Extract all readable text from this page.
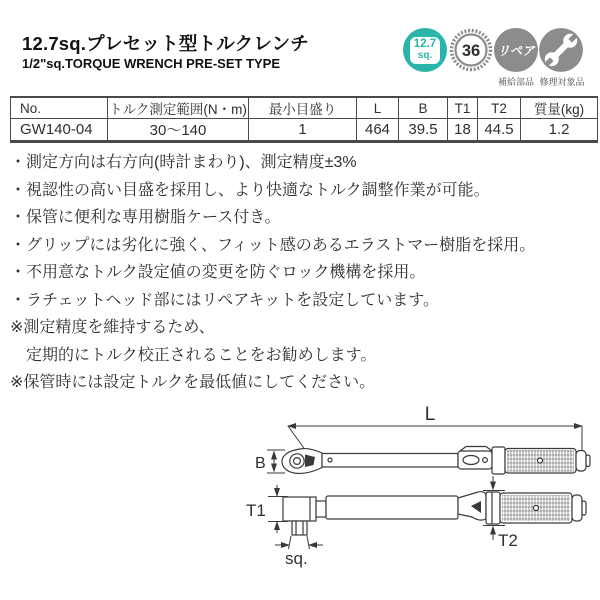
12.7sq.プレセット型トルクレンチ
1/2"sq.TORQUE WRENCH PRE-SET TYPE
12.7
sq. 36 リペア
補給部品 修理対象品
No.	トルク測定範囲(N・m)	最小目盛り	L	B	T1	T2	質量(kg)
GW140-04	30〜140	1	464	39.5	18	44.5	1.2
・測定方向は右方向(時計まわり)、測定精度±3%
・視認性の高い目盛を採用し、より快適なトルク調整作業が可能。
・保管に便利な専用樹脂ケース付き。
・グリップには劣化に強く、フィット感のあるエラストマー樹脂を採用。
・不用意なトルク設定値の変更を防ぐロック機構を採用。
・ラチェットヘッド部にはリペアキットを設定しています。
※測定精度を維持するため、
　定期的にトルク校正されることをお勧めします。
※保管時には設定トルクを最低値にしてください。
L
B
T1
sq.
T2
